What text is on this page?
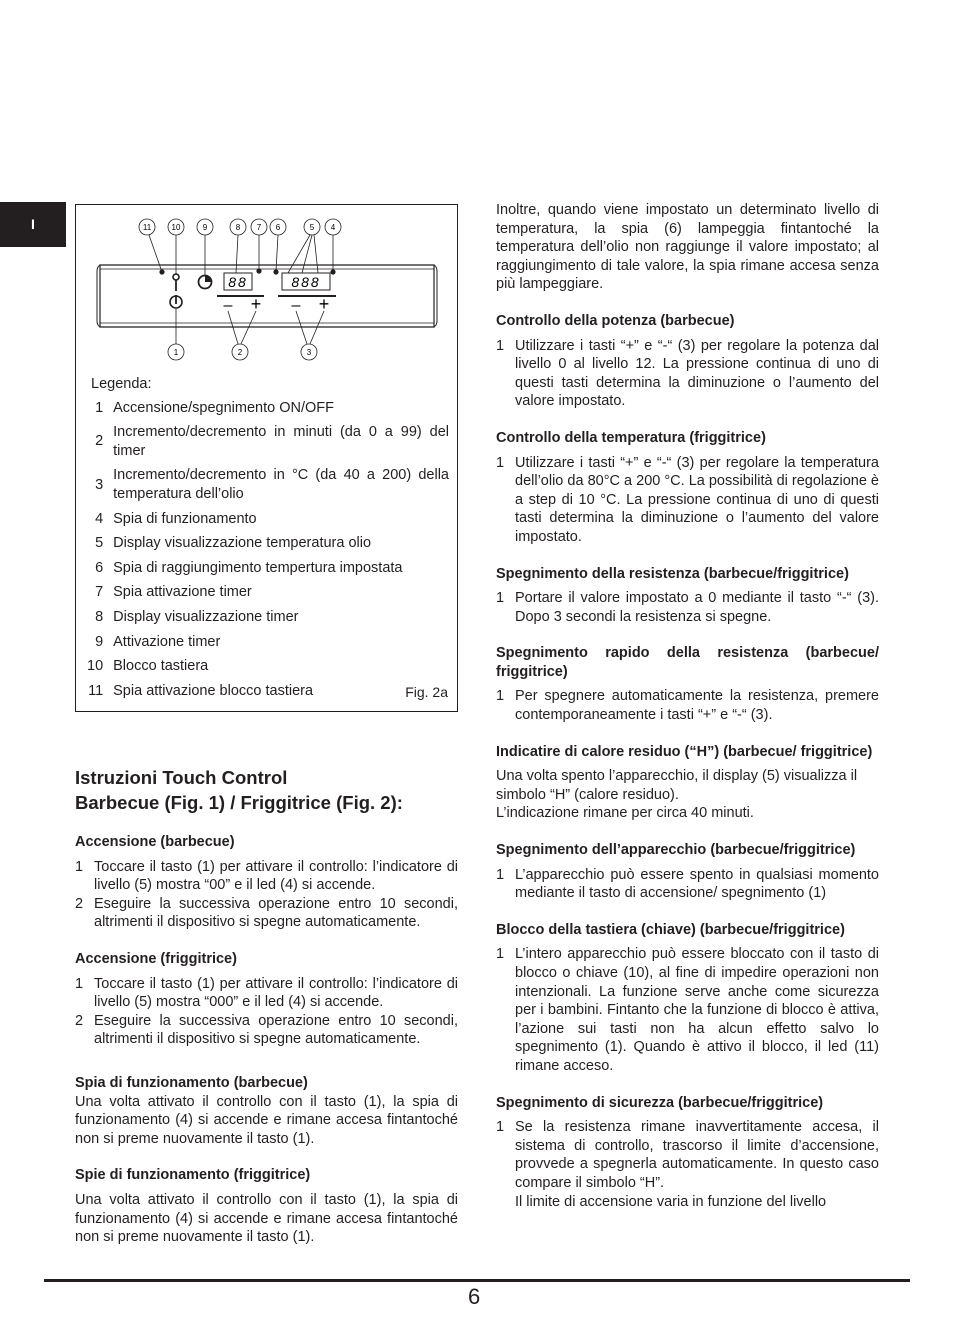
I	11	10	9	8 7 6	5 4
88
– +
888
– +
1	2	3
Legenda:
1	Accensione/spegnimento ON/OFF
2	Incremento/decremento in minuti (da 0 a 99) del timer
3	Incremento/decremento in °C (da 40 a 200) della temperatura dell’olio
4	Spia di funzionamento
5	Display visualizzazione temperatura olio
6	Spia di raggiungimento tempertura impostata
7	Spia attivazione timer
8	Display visualizzazione timer
9	Attivazione timer
10	Blocco tastiera
11	Spia attivazione blocco tastiera	Fig. 2a
Istruzioni Touch Control
Barbecue (Fig. 1) / Friggitrice (Fig. 2):
Accensione (barbecue)
1 Toccare il tasto (1) per attivare il controllo: l’indicatore di livello (5) mostra “00” e il led (4) si accende.
2 Eseguire la successiva operazione entro 10 secondi, altrimenti il dispositivo si spegne automaticamente.
Accensione (friggitrice)
1 Toccare il tasto (1) per attivare il controllo: l’indicatore di livello (5) mostra “000” e il led (4) si accende.
2 Eseguire la successiva operazione entro 10 secondi, altrimenti il dispositivo si spegne automaticamente.
Spia di funzionamento (barbecue)
Una volta attivato il controllo con il tasto (1), la spia di funzionamento (4) si accende e rimane accesa fintantoché non si preme nuovamente il tasto (1).
Spie di funzionamento (friggitrice)
Una volta attivato il controllo con il tasto (1), la spia di funzionamento (4) si accende e rimane accesa fintantoché non si preme nuovamente il tasto (1).
Inoltre, quando viene impostato un determinato livello di temperatura, la spia (6) lampeggia fintantoché la temperatura dell’olio non raggiunge il valore impostato; al raggiungimento di tale valore, la spia rimane accesa senza più lampeggiare.
Controllo della potenza (barbecue)
1 Utilizzare i tasti “+” e “-“ (3) per regolare la potenza dal livello 0 al livello 12. La pressione continua di uno di questi tasti determina la diminuzione o l’aumento del valore impostato.
Controllo della temperatura (friggitrice)
1 Utilizzare i tasti “+” e “-“ (3) per regolare la temperatura dell’olio da 80°C a 200 °C. La possibilità di regolazione è a step di 10 °C. La pressione continua di uno di questi tasti determina la diminuzione o l’aumento del valore impostato.
Spegnimento della resistenza (barbecue/friggitrice)
1 Portare il valore impostato a 0 mediante il tasto “-“ (3). Dopo 3 secondi la resistenza si spegne.
Spegnimento rapido della resistenza (barbecue/ friggitrice)
1 Per spegnere automaticamente la resistenza, premere contemporaneamente i tasti “+” e “-“ (3).
Indicatire di calore residuo (“H”) (barbecue/ friggitrice)
Una volta spento l’apparecchio, il display (5) visualizza il simbolo “H” (calore residuo).
L’indicazione rimane per circa 40 minuti.
Spegnimento dell’apparecchio (barbecue/friggitrice)
1 L’apparecchio può essere spento in qualsiasi momento mediante il tasto di accensione/ spegnimento (1)
Blocco della tastiera (chiave) (barbecue/friggitrice)
1 L’intero apparecchio può essere bloccato con il tasto di blocco o chiave (10), al fine di impedire operazioni non intenzionali. La funzione serve anche come sicurezza per i bambini. Fintanto che la funzione di blocco è attiva, l’azione sui tasti non ha alcun effetto salvo lo spegnimento (1). Quando è attivo il blocco, il led (11) rimane acceso.
Spegnimento di sicurezza (barbecue/friggitrice)
1 Se la resistenza rimane inavvertitamente accesa, il sistema di controllo, trascorso il limite d’accensione, provvede a spegnerla automaticamente. In questo caso compare il simbolo “H”.
Il limite di accensione varia in funzione del livello
6
